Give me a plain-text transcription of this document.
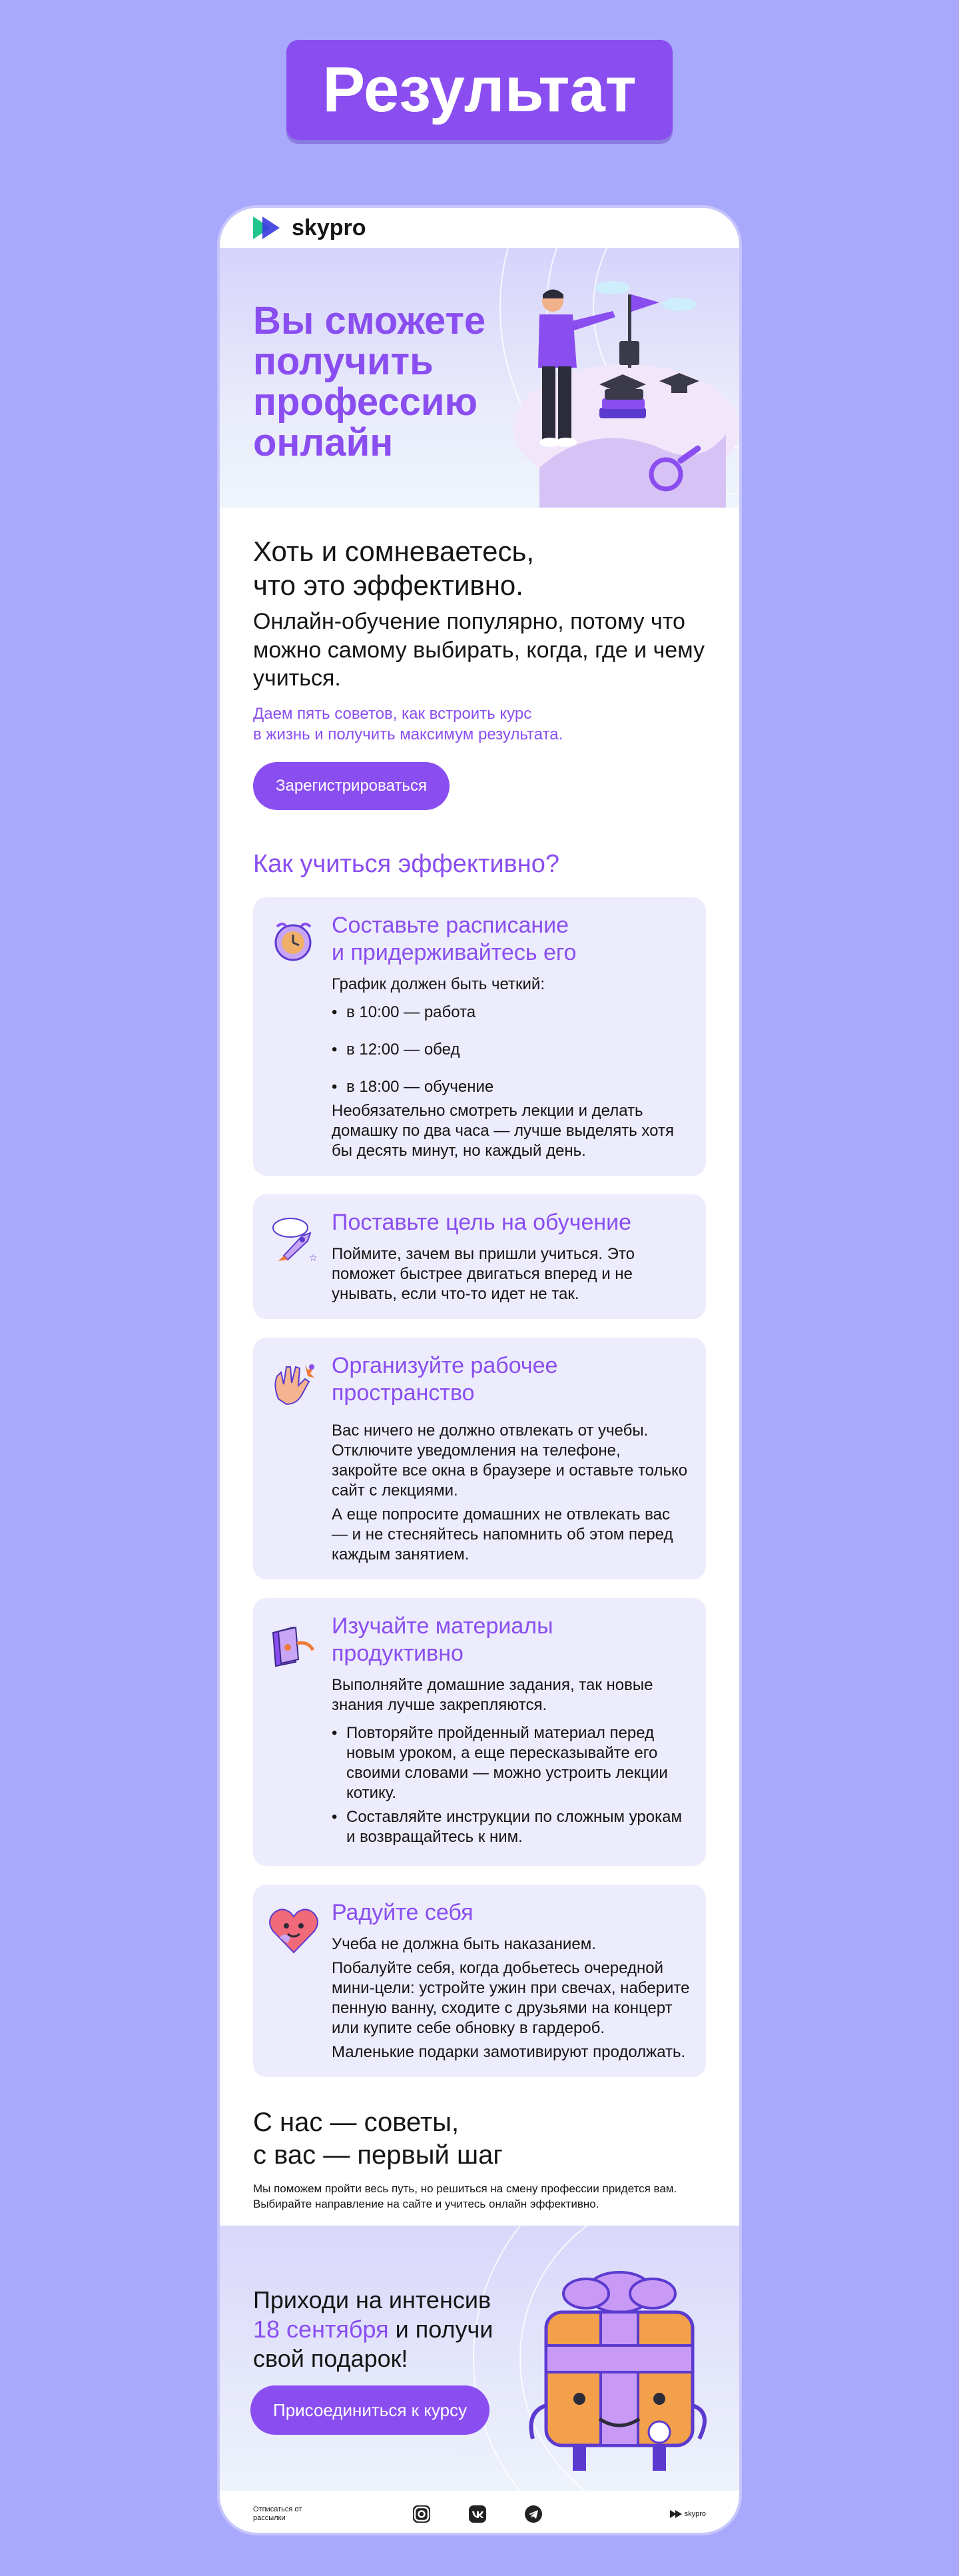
Результат
skypro
Вы сможете получить профессию онлайн
Хоть и сомневаетесь,
что это эффективно.

Онлайн-обучение популярно, потому что можно самому выбирать, когда, где и чему учиться.

Даем пять советов, как встроить курс
в жизнь и получить максимум результата.

Зарегистрироваться
Как учиться эффективно?
Составьте расписание
и придерживайтесь его

График должен быть четкий:

• в 10:00 — работа
• в 12:00 — обед
• в 18:00 — обучение

Необязательно смотреть лекции и делать домашку по два часа — лучше выделять хотя бы десять минут, но каждый день.

☆
Поставьте цель на обучение

Поймите, зачем вы пришли учиться. Это поможет быстрее двигаться вперед и не унывать, если что-то идет не так.

Организуйте рабочее
пространство

Вас ничего не должно отвлекать от учебы. Отключите уведомления на телефоне, закройте все окна в браузере и оставьте только сайт с лекциями.

А еще попросите домашних не отвлекать вас — и не стесняйтесь напомнить об этом перед каждым занятием.

Изучайте материалы
продуктивно

Выполняйте домашние задания, так новые знания лучше закрепляются.

• Повторяйте пройденный материал перед новым уроком, а еще пересказывайте его своими словами — можно устроить лекции котику.
• Составляйте инструкции по сложным урокам и возвращайтесь к ним.
Радуйте себя

Учеба не должна быть наказанием.

Побалуйте себя, когда добьетесь очередной мини-цели: устройте ужин при свечах, наберите пенную ванну, сходите с друзьями на концерт или купите себе обновку в гардероб.

Маленькие подарки замотивируют продолжать.

С нас — советы,
с вас — первый шаг

Мы поможем пройти весь путь, но решиться на смену профессии придется вам. Выбирайте направление на сайте и учитесь онлайн эффективно.

Приходи на интенсив
18 сентября и получи
свой подарок!
Присоединиться к курсу
Отписаться от рассылки	skypro
